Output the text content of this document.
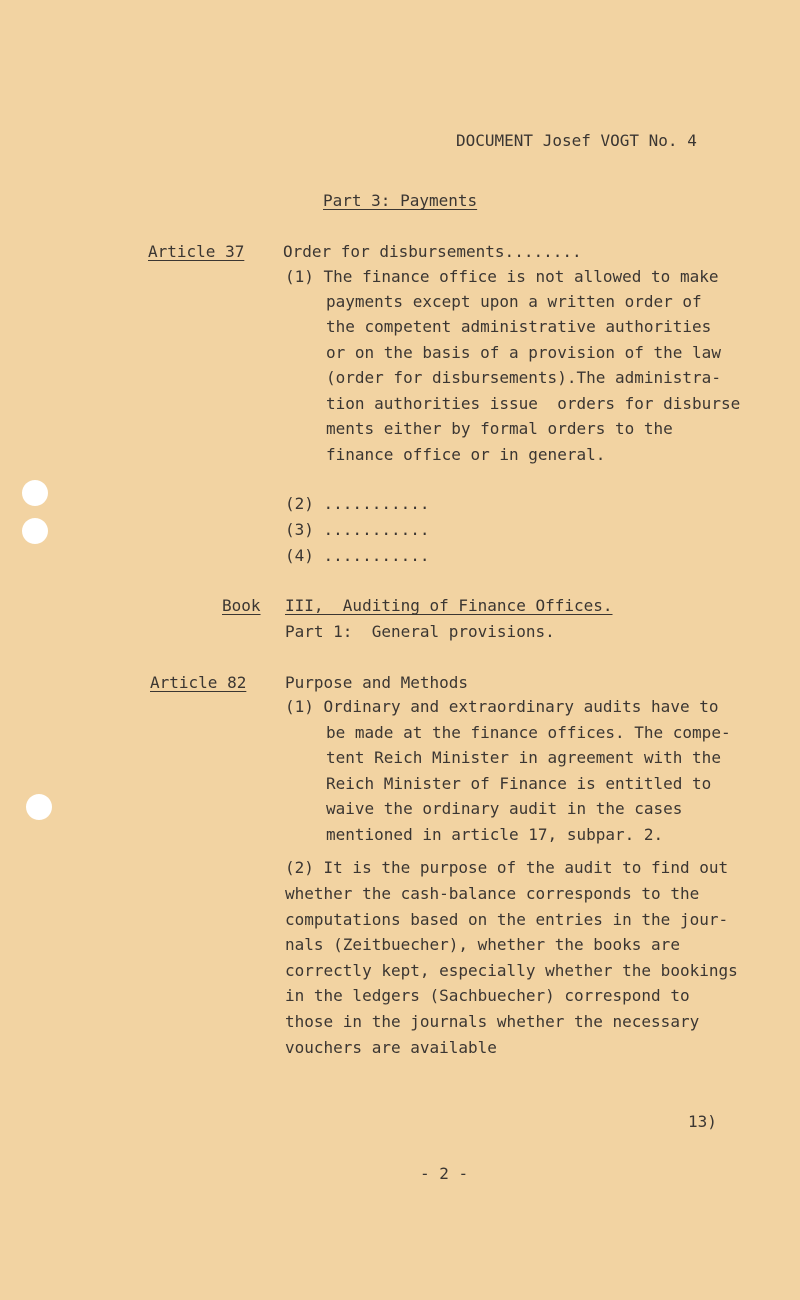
DOCUMENT Josef VOGT No. 4
Part 3: Payments
Article 37 Order for disbursements........
(1) The finance office is not allowed to make
payments except upon a written order of
the competent administrative authorities
or on the basis of a provision of the law
(order for disbursements).The administra-
tion authorities issue  orders for disburse
ments either by formal orders to the
finance office or in general.
(2) ...........
(3) ...........
(4) ...........
Book III,  Auditing of Finance Offices.
Part 1:  General provisions.
Article 82 Purpose and Methods
(1) Ordinary and extraordinary audits have to
be made at the finance offices. The compe-
tent Reich Minister in agreement with the
Reich Minister of Finance is entitled to
waive the ordinary audit in the cases
mentioned in article 17, subpar. 2.
(2) It is the purpose of the audit to find out
whether the cash-balance corresponds to the
computations based on the entries in the jour-
nals (Zeitbuecher), whether the books are
correctly kept, especially whether the bookings
in the ledgers (Sachbuecher) correspond to
those in the journals whether the necessary
vouchers are available
13)
- 2 -
